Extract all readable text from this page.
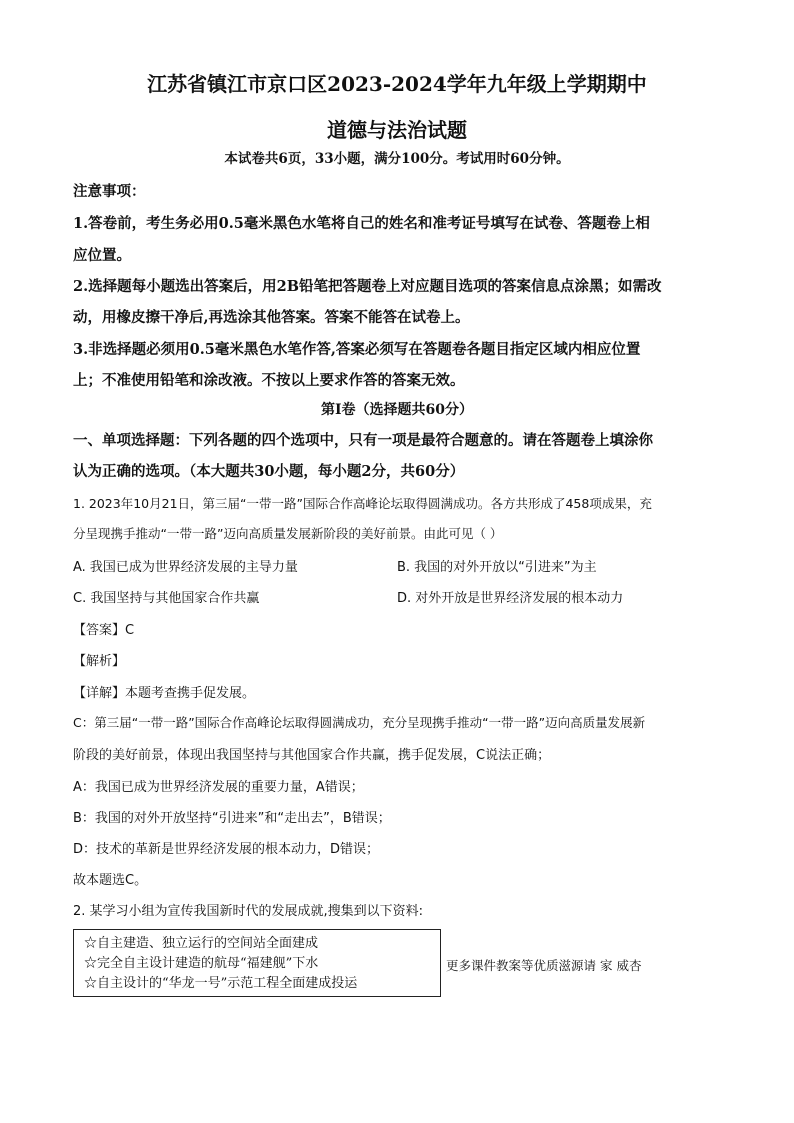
江苏省镇江市京口区2023-2024学年九年级上学期期中
道德与法治试题
本试卷共6页，33小题，满分100分。考试用时60分钟。
注意事项：
1.答卷前，考生务必用0.5毫米黑色水笔将自己的姓名和准考证号填写在试卷、答题卷上相
应位置。
2.选择题每小题选出答案后，用2B铅笔把答题卷上对应题目选项的答案信息点涂黑；如需改
动，用橡皮擦干净后,再选涂其他答案。答案不能答在试卷上。
3.非选择题必须用0.5毫米黑色水笔作答,答案必须写在答题卷各题目指定区域内相应位置
上；不准使用铅笔和涂改液。不按以上要求作答的答案无效。
第Ⅰ卷（选择题共60分）
一、单项选择题：下列各题的四个选项中，只有一项是最符合题意的。请在答题卷上填涂你
认为正确的选项。（本大题共30小题，每小题2分，共60分）
1. 2023年10月21日，第三届“一带一路”国际合作高峰论坛取得圆满成功。各方共形成了458项成果，充
分呈现携手推动“一带一路”迈向高质量发展新阶段的美好前景。由此可见（ ）
A. 我国已成为世界经济发展的主导力量	B. 我国的对外开放以“引进来”为主
C. 我国坚持与其他国家合作共赢	D. 对外开放是世界经济发展的根本动力
【答案】C
【解析】
【详解】本题考查携手促发展。
C：第三届“一带一路”国际合作高峰论坛取得圆满成功，充分呈现携手推动“一带一路”迈向高质量发展新
阶段的美好前景，体现出我国坚持与其他国家合作共赢，携手促发展，C说法正确；
A：我国已成为世界经济发展的重要力量，A错误；
B：我国的对外开放坚持“引进来”和“走出去”，B错误；
D：技术的革新是世界经济发展的根本动力，D错误；
故本题选C。
2. 某学习小组为宣传我国新时代的发展成就,搜集到以下资料:
☆自主建造、独立运行的空间站全面建成
☆完全自主设计建造的航母“福建舰”下水
☆自主设计的“华龙一号”示范工程全面建成投运
更多课件教案等优质滋源请 家 威杏
